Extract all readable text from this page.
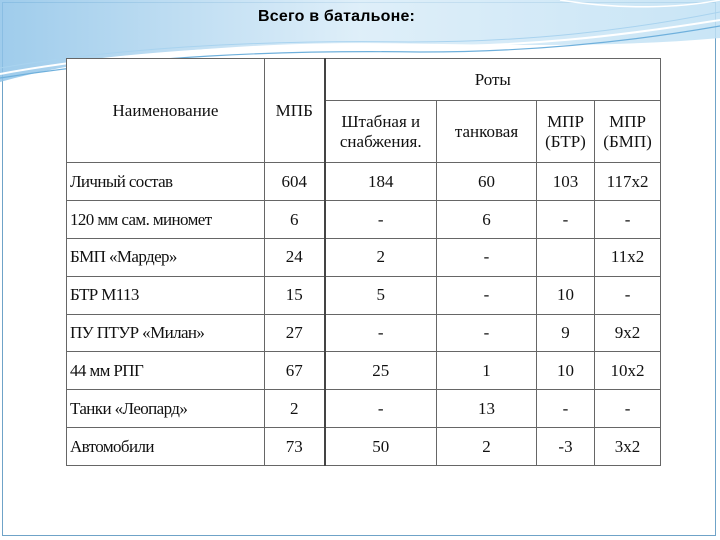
Всего в батальоне:
Наименование	МПБ	Роты			
		Штабная и снабжения.	танковая	МПР (БТР)	МПР (БМП)
Личный состав	604	184	60	103	117х2
120 мм сам. миномет	6	-	6	-	-
БМП «Мардер»	24	2	-		11х2
БТР М113	15	5	-	10	-
ПУ ПТУР «Милан»	27	-	-	9	9х2
44 мм РПГ	67	25	1	10	10х2
Танки «Леопард»	2	-	13	-	-
Автомобили	73	50	2	-3	3х2
